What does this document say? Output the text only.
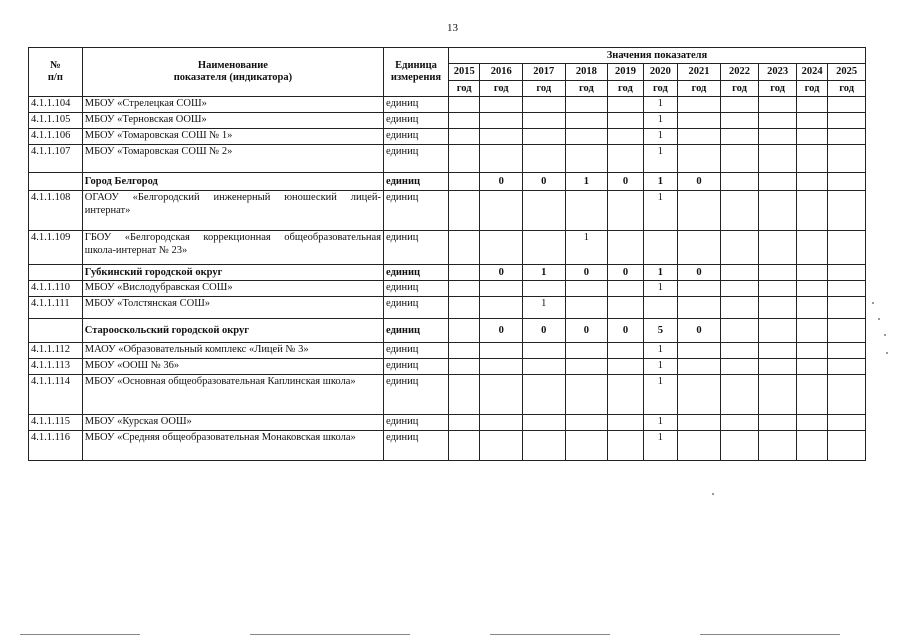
13
№
п/п	Наименование
показателя (индикатора)	Единица
измерения	Значения показателя										
			2015	2016	2017	2018	2019	2020	2021	2022	2023	2024	2025
			год	год	год	год	год	год	год	год	год	год	год
4.1.1.104	МБОУ «Стрелецкая СОШ»	единиц						1					
4.1.1.105	МБОУ «Терновская ООШ»	единиц						1					
4.1.1.106	МБОУ «Томаровская СОШ № 1»	единиц						1					
4.1.1.107	МБОУ «Томаровская СОШ № 2»	единиц						1					
	Город Белгород	единиц		0	0	1	0	1	0				
4.1.1.108	ОГАОУ «Белгородский инженерный юношеский лицей-интернат»	единиц						1					
4.1.1.109	ГБОУ «Белгородская коррекционная общеобразовательная школа-интернат № 23»	единиц				1							
	Губкинский городской округ	единиц		0	1	0	0	1	0				
4.1.1.110	МБОУ «Вислодубравская СОШ»	единиц						1					
4.1.1.111	МБОУ «Толстянская СОШ»	единиц			1								
	Старооскольский городской округ	единиц		0	0	0	0	5	0				
4.1.1.112	МАОУ «Образовательный комплекс «Лицей № 3»	единиц						1					
4.1.1.113	МБОУ «ООШ № 36»	единиц						1					
4.1.1.114	МБОУ «Основная общеобразовательная Каплинская школа»	единиц						1					
4.1.1.115	МБОУ «Курская ООШ»	единиц						1					
4.1.1.116	МБОУ «Средняя общеобразовательная Монаковская школа»	единиц						1					
